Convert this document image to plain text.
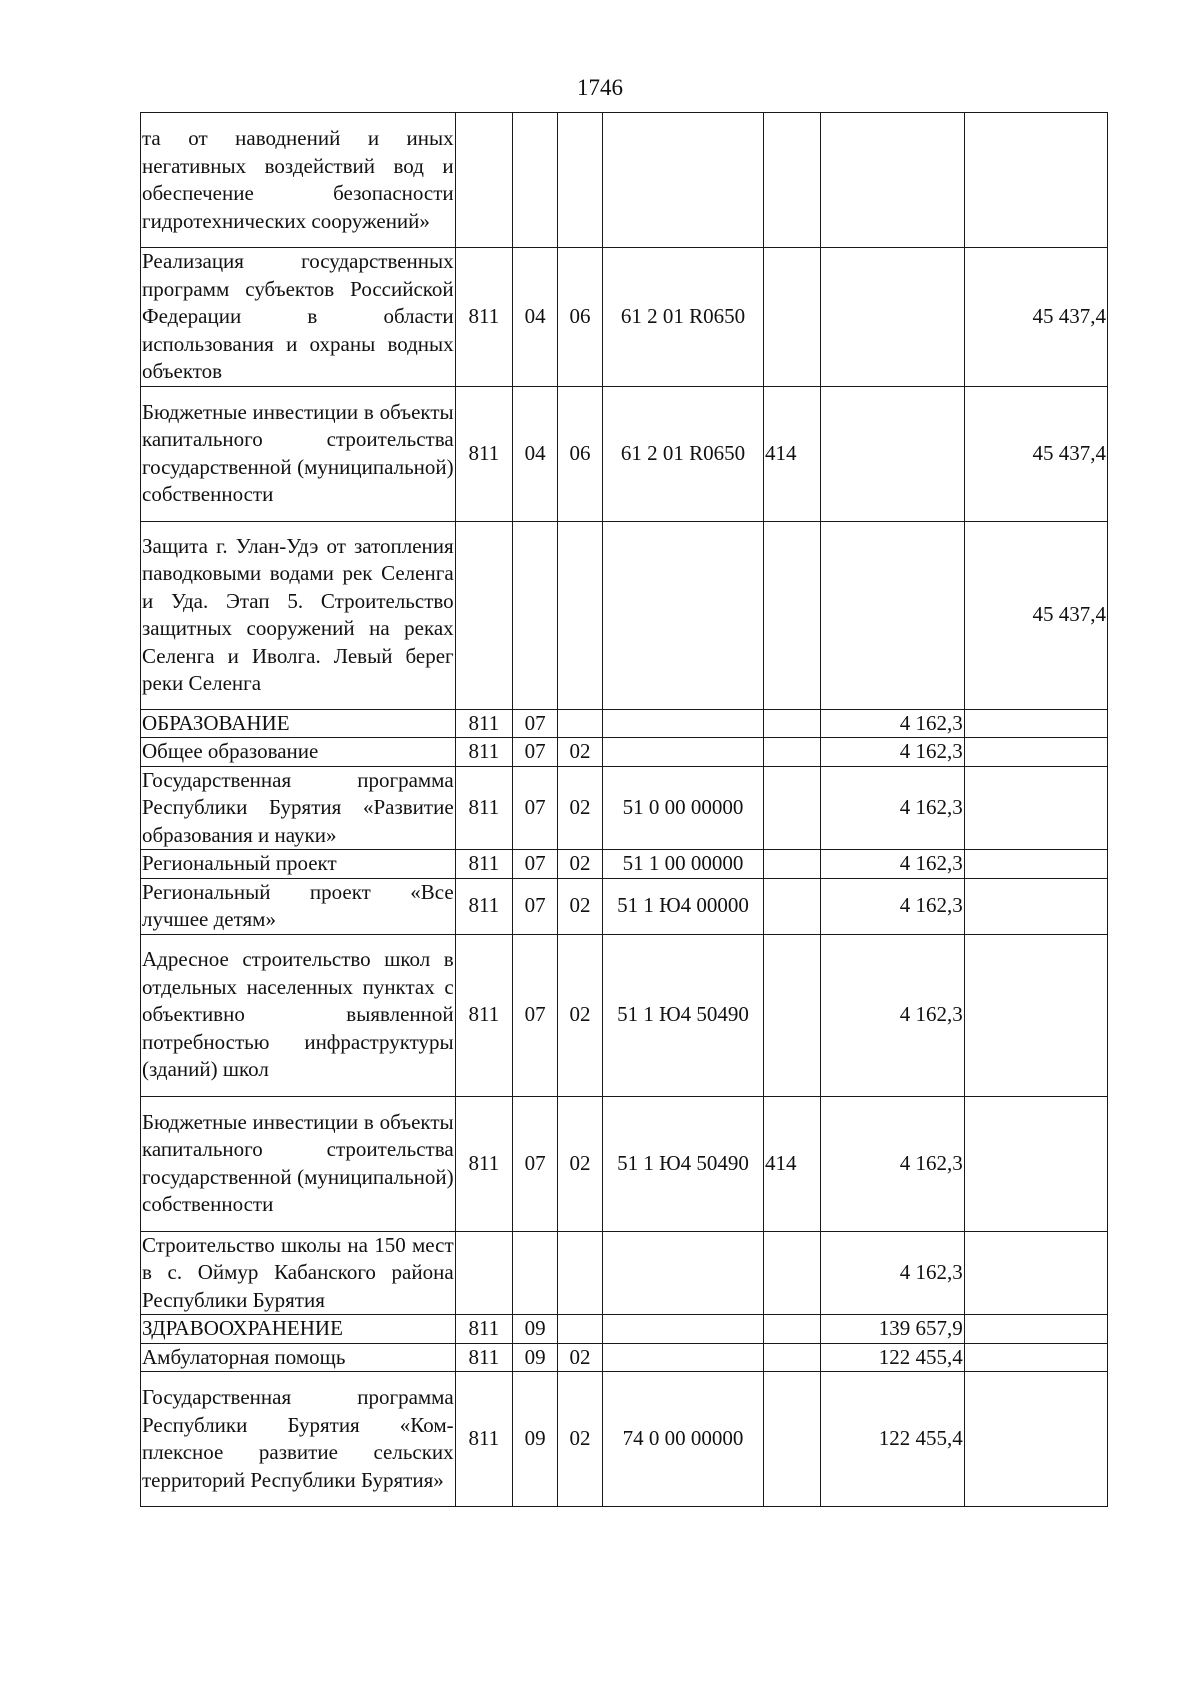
1746
та от наводнений и иных негативных воздействий вод и обеспечение безопасности гидротехнических сооружений»							
Реализация государственных программ субъектов Российской Федерации в области использования и охраны водных объектов	811	04	06	61 2 01 R0650			45 437,4
Бюджетные инвестиции в объекты капитального строительства государственной (муниципальной) собственности	811	04	06	61 2 01 R0650	414		45 437,4
Защита г. Улан-Удэ от затопления паводковыми водами рек Селенга и Уда. Этап 5. Строительство защитных сооружений на реках Селенга и Иволга. Левый берег реки Селенга							45 437,4
ОБРАЗОВАНИЕ	811	07				4 162,3	
Общее образование	811	07	02			4 162,3	
Государственная программа Республики Бурятия «Развитие образования и науки»	811	07	02	51 0 00 00000		4 162,3	
Региональный проект	811	07	02	51 1 00 00000		4 162,3	
Региональный проект «Все лучшее детям»	811	07	02	51 1 Ю4 00000		4 162,3	
Адресное строительство школ в отдельных населенных пунктах с объективно выявленной потребностью инфраструктуры (зданий) школ	811	07	02	51 1 Ю4 50490		4 162,3	
Бюджетные инвестиции в объекты капитального строительства государственной (муниципальной) собственности	811	07	02	51 1 Ю4 50490	414	4 162,3	
Строительство школы на 150 мест в с. Оймур Кабанского района Республики Бурятия						4 162,3	
ЗДРАВООХРАНЕНИЕ	811	09				139 657,9	
Амбулаторная помощь	811	09	02			122 455,4	
Государственная программа Республики Бурятия «Комплексное развитие сельских территорий Республики Бурятия»	811	09	02	74 0 00 00000		122 455,4	
